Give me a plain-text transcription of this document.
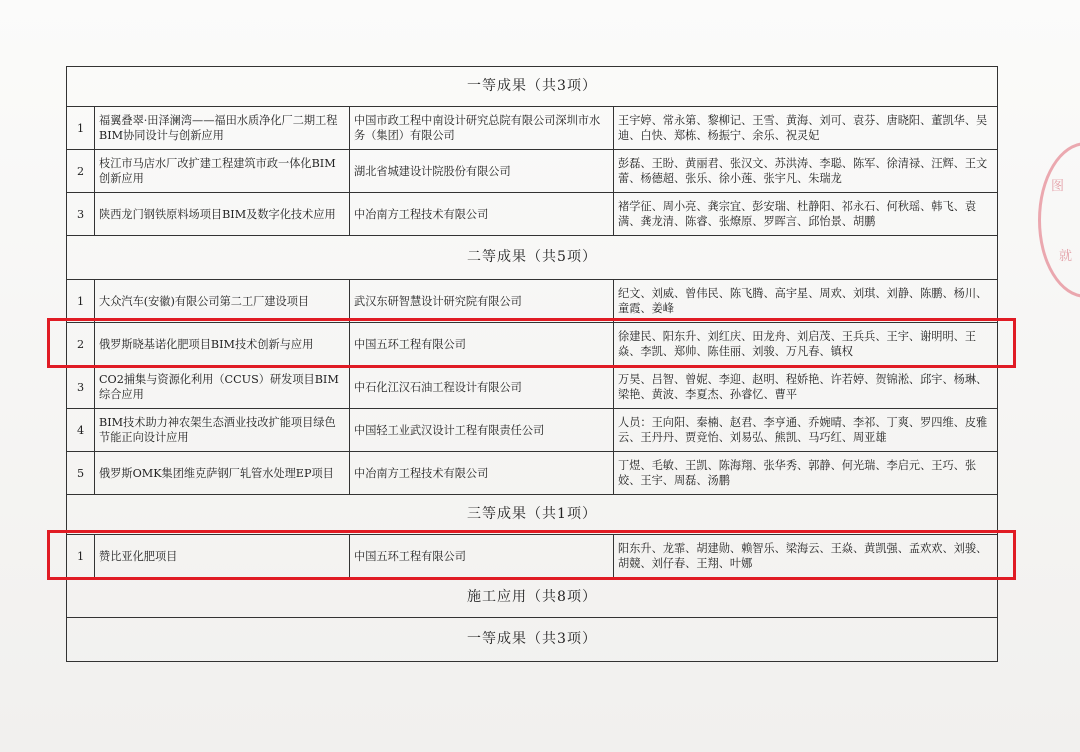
一等成果（共3项）			
1	福翼叠翠·田泽澜湾——福田水质净化厂二期工程BIM协同设计与创新应用	中国市政工程中南设计研究总院有限公司深圳市水务（集团）有限公司	王宇婷、常永第、黎柳记、王雪、黄海、刘可、袁芬、唐晓阳、董凯华、吴迪、白快、郑栋、杨振宁、余乐、祝灵妃
2	枝江市马店水厂改扩建工程建筑市政一体化BIM创新应用	湖北省城建设计院股份有限公司	彭磊、王盼、黄丽君、张汉文、苏洪涛、李聪、陈军、徐清禄、汪辉、王文蕾、杨德超、张乐、徐小莲、张宇凡、朱瑞龙
3	陕西龙门钢铁原料场项目BIM及数字化技术应用	中冶南方工程技术有限公司	褚学征、周小亮、龚宗宜、彭安瑞、杜静阳、祁永石、何秋瑶、韩飞、袁满、龚龙清、陈睿、张燎原、罗晖言、邱怡景、胡鹏
二等成果（共5项）			
1	大众汽车(安徽)有限公司第二工厂建设项目	武汉东研智慧设计研究院有限公司	纪文、刘威、曾伟民、陈飞腾、高宇星、周欢、刘琪、刘静、陈鹏、杨川、童霞、姜峰
2	俄罗斯晓基诺化肥项目BIM技术创新与应用	中国五环工程有限公司	徐建民、阳东升、刘红庆、田龙舟、刘启茂、王兵兵、王宇、谢明明、王焱、李凯、郑帅、陈佳丽、刘骏、万凡春、镇权
3	CO2捕集与资源化利用（CCUS）研发项目BIM综合应用	中石化江汉石油工程设计有限公司	万昊、吕智、曾妮、李迎、赵明、程娇艳、许若婷、贺锦淞、邱宇、杨琳、梁艳、黄波、李夏杰、孙睿忆、曹平
4	BIM技术助力神农架生态酒业技改扩能项目绿色节能正向设计应用	中国轻工业武汉设计工程有限责任公司	人员：王向阳、秦楠、赵君、李亨通、乔婉晴、李祁、丁爽、罗四维、皮雅云、王丹丹、贾竞怡、刘易弘、熊凯、马巧红、周亚雄
5	俄罗斯OMK集团维克萨钢厂轧管水处理EP项目	中冶南方工程技术有限公司	丁煜、毛敏、王凯、陈海翔、张华秀、郭静、何光瑞、李启元、王巧、张姣、王宇、周磊、汤鹏
三等成果（共1项）			
1	赞比亚化肥项目	中国五环工程有限公司	阳东升、龙霏、胡建勋、赖智乐、梁海云、王焱、黄凯强、孟欢欢、刘骏、胡競、刘仔春、王翔、叶娜
施工应用（共8项）			
一等成果（共3项）			
图
就
